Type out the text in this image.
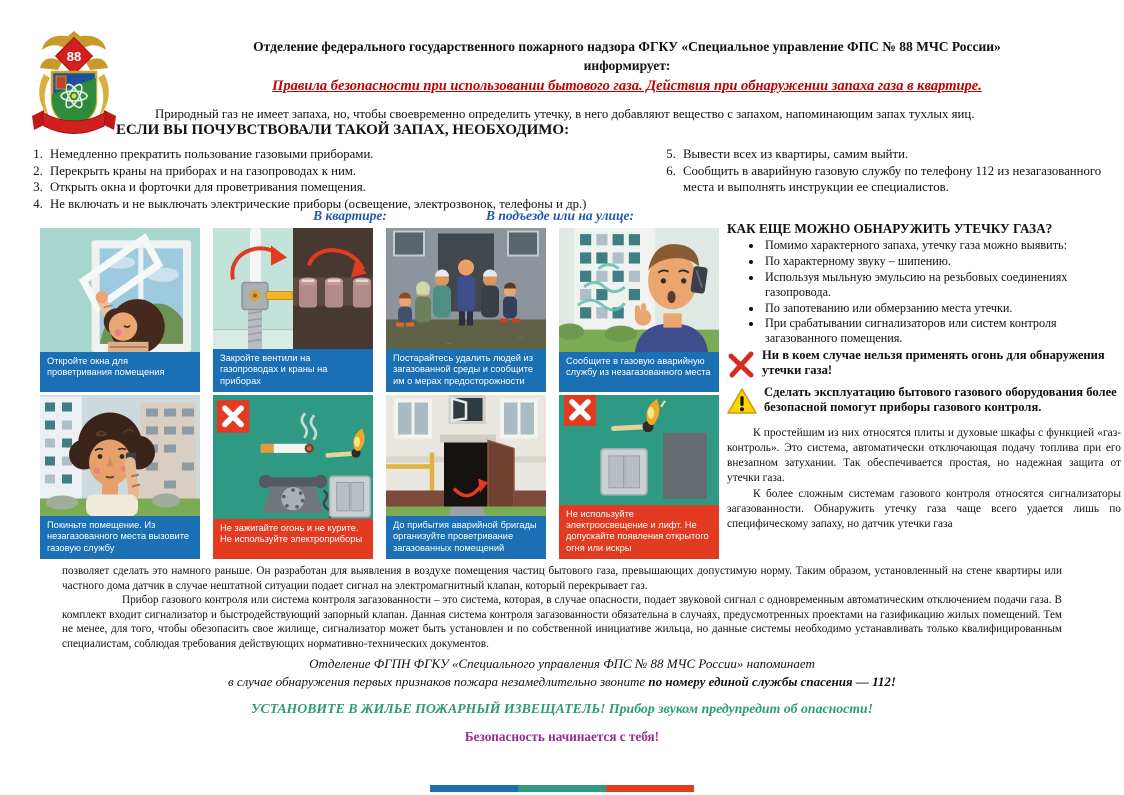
88
Отделение федерального государственного пожарного надзора ФГКУ «Специальное управление ФПС № 88 МЧС России»
информирует:
Правила безопасности при использовании бытового газа. Действия при обнаружении запаха газа в квартире.

Природный газ не имеет запаха, но, чтобы своевременно определить утечку, в него добавляют вещество с запахом, напоминающим запах тухлых яиц.

ЕСЛИ ВЫ ПОЧУВСТВОВАЛИ ТАКОЙ ЗАПАХ, НЕОБХОДИМО:
1. Немедленно прекратить пользование газовыми приборами.
2. Перекрыть краны на приборах и на газопроводах к ним.
3. Открыть окна и форточки для проветривания помещения.
4. Не включать и не выключать электрические приборы (освещение, электрозвонок, телефоны и др.)
5. Вывести всех из квартиры, самим выйти.
6. Сообщить в аварийную газовую службу по телефону 112 из незагазованного места и выполнять инструкции ее специалистов.
В квартире:	В подъезде или на улице:
Откройте окна для проветривания помещения
Закройте вентили на газопроводах и краны на приборах
Постарайтесь удалить людей из загазованной среды и сообщите им о мерах предосторожности
Сообщите в газовую аварийную службу из незагазованного места
Покиньте помещение. Из незагазованного места вызовите газовую службу
Не зажигайте огонь и не курите. Не используйте электроприборы
До прибытия аварийной бригады организуйте проветривание загазованных помещений
Не используйте электроосвещение и лифт. Не допускайте появления открытого огня или искры
КАК ЕЩЕ МОЖНО ОБНАРУЖИТЬ УТЕЧКУ ГАЗА?
• Помимо характерного запаха, утечку газа можно выявить:
• По характерному звуку – шипению.
• Используя мыльную эмульсию на резьбовых соединениях газопровода.
• По запотеванию или обмерзанию места утечки.
• При срабатывании сигнализаторов или систем контроля загазованного помещения.
Ни в коем случае нельзя применять огонь для обнаружения утечки газа!
Сделать эксплуатацию бытового газового оборудования более безопасной помогут приборы газового контроля.

К простейшим из них относятся плиты и духовые шкафы с функцией «газ-контроль». Это система, автоматически отключающая подачу топлива при его внезапном затухании. Так обеспечивается простая, но надежная защита от утечки газа.

К более сложным системам газового контроля относятся сигнализаторы загазованности. Обнаружить утечку газа чаще всего удается лишь по специфическому запаху, но датчик утечки газа

позволяет сделать это намного раньше. Он разработан для выявления в воздухе помещения частиц бытового газа, превышающих допустимую норму. Таким образом, установленный на стене квартиры или частного дома датчик в случае нештатной ситуации подает сигнал на электромагнитный клапан, который перекрывает газ.

Прибор газового контроля или система контроля загазованности – это система, которая, в случае опасности, подает звуковой сигнал с одновременным автоматическим отключением подачи газа. В комплект входит сигнализатор и быстродействующий запорный клапан. Данная система контроля загазованности обязательна в случаях, предусмотренных проектами на газификацию жилых помещений. Тем не менее, для того, чтобы обезопасить свое жилище, сигнализатор может быть установлен и по собственной инициативе жильца, но данные системы необходимо устанавливать только квалифицированным специалистам, соблюдая требования действующих нормативно-технических документов.

Отделение ФГПН ФГКУ «Специального управления ФПС № 88 МЧС России» напоминает
в случае обнаружения первых признаков пожара незамедлительно звоните по номеру единой службы спасения — 112!
УСТАНОВИТЕ В ЖИЛЬЕ ПОЖАРНЫЙ ИЗВЕЩАТЕЛЬ! Прибор звуком предупредит об опасности!
Безопасность начинается с тебя!
